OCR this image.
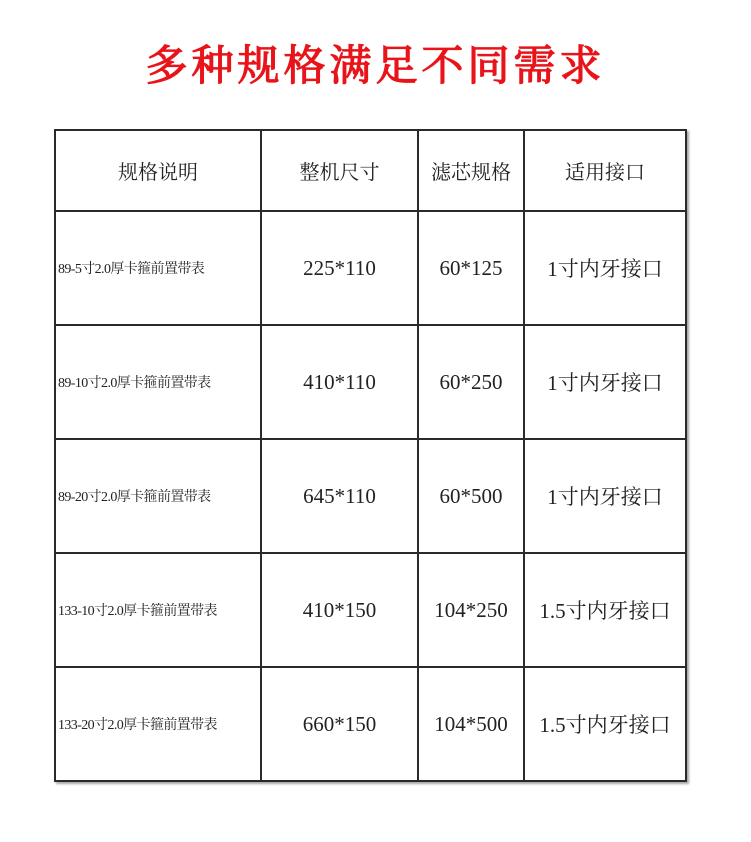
多种规格满足不同需求
规格说明	整机尺寸	滤芯规格	适用接口
89-5寸2.0厚卡箍前置带表	225*110	60*125	1寸内牙接口
89-10寸2.0厚卡箍前置带表	410*110	60*250	1寸内牙接口
89-20寸2.0厚卡箍前置带表	645*110	60*500	1寸内牙接口
133-10寸2.0厚卡箍前置带表	410*150	104*250	1.5寸内牙接口
133-20寸2.0厚卡箍前置带表	660*150	104*500	1.5寸内牙接口
